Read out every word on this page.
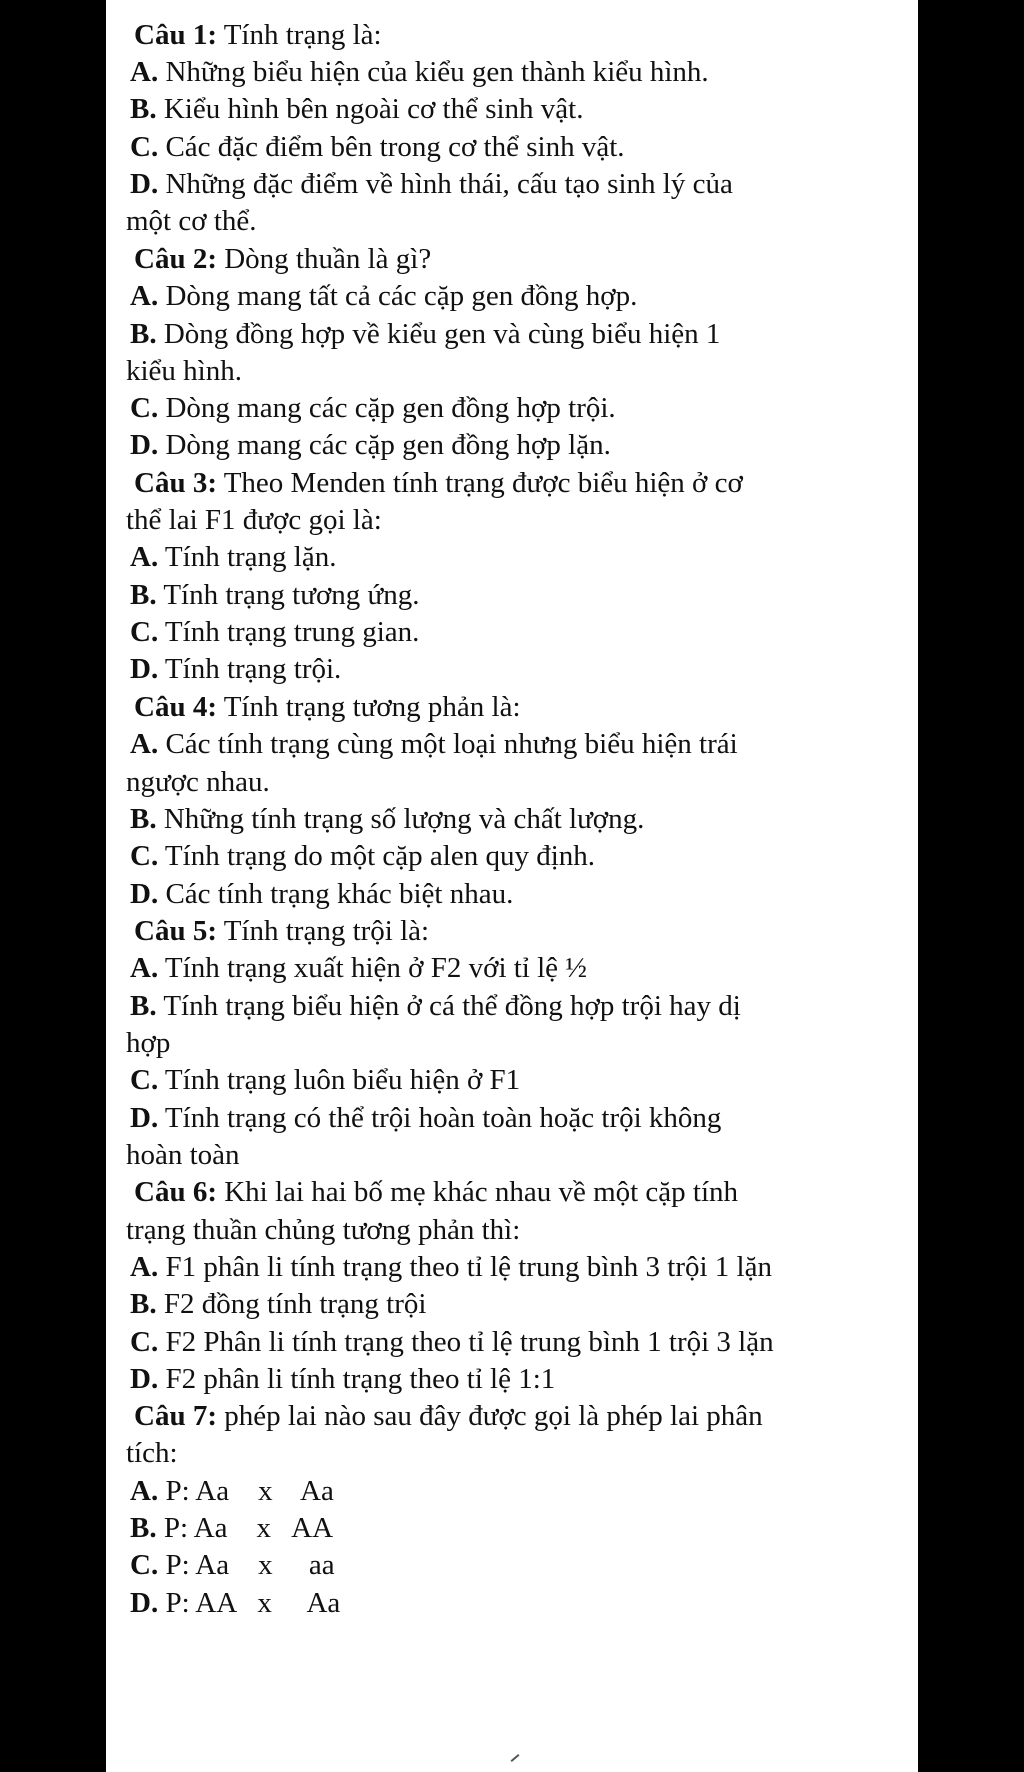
Câu 1: Tính trạng là:
A. Những biểu hiện của kiểu gen thành kiểu hình.
B. Kiểu hình bên ngoài cơ thể sinh vật.
C. Các đặc điểm bên trong cơ thể sinh vật.
D. Những đặc điểm về hình thái, cấu tạo sinh lý của
một cơ thể.
Câu 2: Dòng thuần là gì?
A. Dòng mang tất cả các cặp gen đồng hợp.
B. Dòng đồng hợp về kiểu gen và cùng biểu hiện 1
kiểu hình.
C. Dòng mang các cặp gen đồng hợp trội.
D. Dòng mang các cặp gen đồng hợp lặn.
Câu 3: Theo Menden tính trạng được biểu hiện ở cơ
thể lai F1 được gọi là:
A. Tính trạng lặn.
B. Tính trạng tương ứng.
C. Tính trạng trung gian.
D. Tính trạng trội.
Câu 4: Tính trạng tương phản là:
A. Các tính trạng cùng một loại nhưng biểu hiện trái
ngược nhau.
B. Những tính trạng số lượng và chất lượng.
C. Tính trạng do một cặp alen quy định.
D. Các tính trạng khác biệt nhau.
Câu 5: Tính trạng trội là:
A. Tính trạng xuất hiện ở F2 với tỉ lệ ½
B. Tính trạng biểu hiện ở cá thể đồng hợp trội hay dị
hợp
C. Tính trạng luôn biểu hiện ở F1
D. Tính trạng có thể trội hoàn toàn hoặc trội không
hoàn toàn
Câu 6: Khi lai hai bố mẹ khác nhau về một cặp tính
trạng thuần chủng tương phản thì:
A. F1 phân li tính trạng theo tỉ lệ trung bình 3 trội 1 lặn
B. F2 đồng tính trạng trội
C. F2 Phân li tính trạng theo tỉ lệ trung bình 1 trội 3 lặn
D. F2 phân li tính trạng theo tỉ lệ 1:1
Câu 7: phép lai nào sau đây được gọi là phép lai phân
tích:
A. P: Aa    x    Aa
B. P: Aa    x   AA
C. P: Aa    x     aa
D. P: AA   x     Aa
